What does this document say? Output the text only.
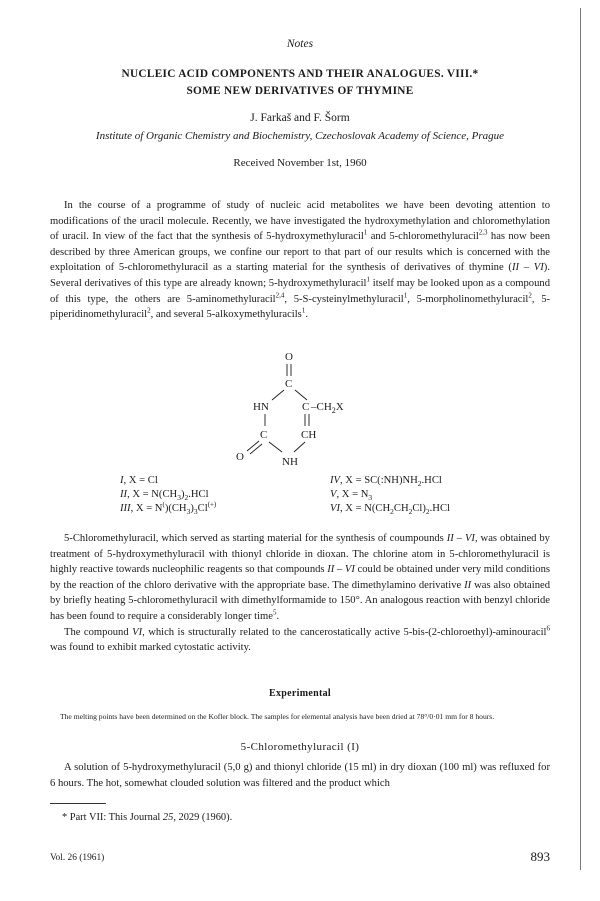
Notes
NUCLEIC ACID COMPONENTS AND THEIR ANALOGUES. VIII.*
SOME NEW DERIVATIVES OF THYMINE
J. Farkaš and F. Šorm
Institute of Organic Chemistry and Biochemistry, Czechoslovak Academy of Science, Prague
Received November 1st, 1960

In the course of a programme of study of nucleic acid metabolites we have been devoting attention to modifications of the uracil molecule. Recently, we have investigated the hydroxymethylation and chloromethylation of uracil. In view of the fact that the synthesis of 5-hydroxymethyluracil$^1$ and 5-chloromethyluracil$^{2,3}$ has now been described by three American groups, we confine our report to that part of our results which is concerned with the exploitation of 5-chloromethyluracil as a starting material for the synthesis of derivatives of thymine (II – VI). Several derivatives of this type are already known; 5-hydroxymethyluracil$^1$ itself may be looked upon as a compound of this type, the others are 5-aminomethyluracil$^{2,4}$, 5-S-cysteinylmethyluracil$^1$, 5-morpholinomethyluracil$^2$, 5-piperidinomethyluracil$^2$, and several 5-alkoxymethyluracils$^1$.

O
C
HN	C $-CH_2X$
C	CH
O	NH
I, X = Cl
II, $X = N(CH_3)_2.HCl$
III, $X = N^()(CH_3)_3Cl^{(+)}$
IV, $X = SC(:NH)NH_2.HCl$
V, $X = N_3$
VI, $X = N(CH_2CH_2Cl)_2.HCl$

5-Chloromethyluracil, which served as starting material for the synthesis of coumpounds II – VI, was obtained by treatment of 5-hydroxymethyluracil with thionyl chloride in dioxan. The chlorine atom in 5-chloromethyluracil is highly reactive towards nucleophilic reagents so that compounds II – VI could be obtained under very mild conditions by the reaction of the chloro derivative with the appropriate base. The dimethylamino derivative II was also obtained by briefly heating 5-chloromethyluracil with dimethylformamide to 150°. An analogous reaction with benzyl chloride has been found to require a considerably longer time$^5$.

The compound VI, which is structurally related to the cancerostatically active 5-bis-(2-chloroethyl)-aminouracil$^6$ was found to exhibit marked cytostatic activity.

Experimental
The melting points have been determined on the Kofler block. The samples for elemental analysis have been dried at 78°/0·01 mm for 8 hours.
5-Chloromethyluracil (I)

A solution of 5-hydroxymethyluracil (5,0 g) and thionyl chloride (15 ml) in dry dioxan (100 ml) was refluxed for 6 hours. The hot, somewhat clouded solution was filtered and the product which

* Part VII: This Journal 25, 2029 (1960).
Vol. 26 (1961)	893
